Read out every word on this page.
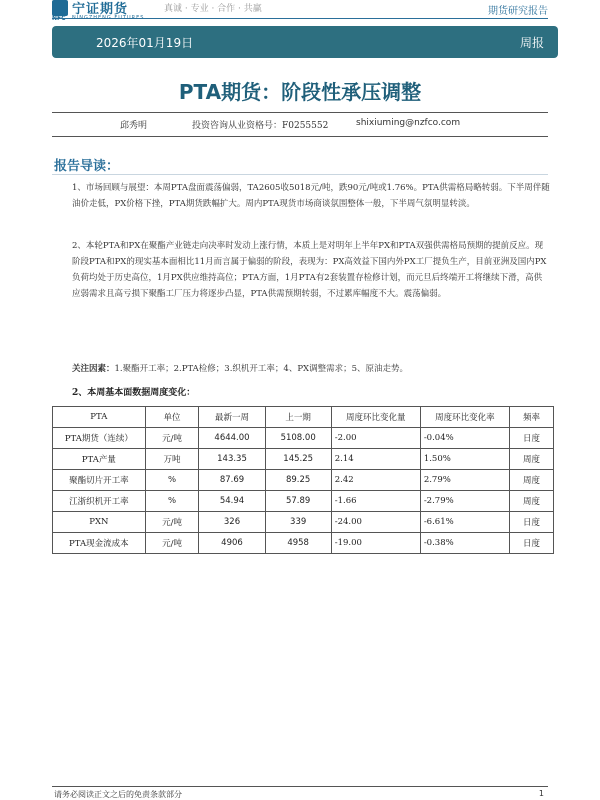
宁证期货	真诚 · 专业 · 合作 · 共赢	期货研究报告
2026年01月19日	周报
PTA期货：阶段性承压调整
邱秀明	投资咨询从业资格号：F0255552	shixiuming@nzfco.com
报告导读：
1、市场回顾与展望：本周PTA盘面震荡偏弱，TA2605收5018元/吨，跌90元/吨或1.76%。PTA供需格局略转弱。下半周伴随油价走低，PX价格下挫，PTA期货跌幅扩大。周内PTA现货市场商谈氛围整体一般，下半周气氛明显转淡。
2、本轮PTA和PX在聚酯产业链走向决率时发动上涨行情，本质上是对明年上半年PX和PTA双强供需格局预期的提前反应。现阶段PTA和PX的现实基本面相比11月而言属于偏弱的阶段，表现为：PX高效益下国内外PX工厂提负生产，目前亚洲及国内PX负荷均处于历史高位，1月PX供应维持高位；PTA方面，1月PTA有2套装置存检修计划，而元旦后终端开工将继续下滑，高供应弱需求且高亏损下聚酯工厂压力将逐步凸显，PTA供需预期转弱，不过累库幅度不大。震荡偏弱。
关注因素：1.聚酯开工率；2.PTA检修；3.织机开工率；4、PX调整需求；5、原油走势。
2、本周基本面数据周度变化：
PTA	单位	最新一周	上一期	周度环比变化量	周度环比变化率	频率
PTA期货（连续）	元/吨	4644.00	5108.00	-2.00	-0.04%	日度
PTA产量	万吨	143.35	145.25	2.14	1.50%	周度
聚酯切片开工率	%	87.69	89.25	2.42	2.79%	周度
江浙织机开工率	%	54.94	57.89	-1.66	-2.79%	周度
PXN	元/吨	326	339	-24.00	-6.61%	日度
PTA现金流成本	元/吨	4906	4958	-19.00	-0.38%	日度
请务必阅读正文之后的免责条款部分	1
